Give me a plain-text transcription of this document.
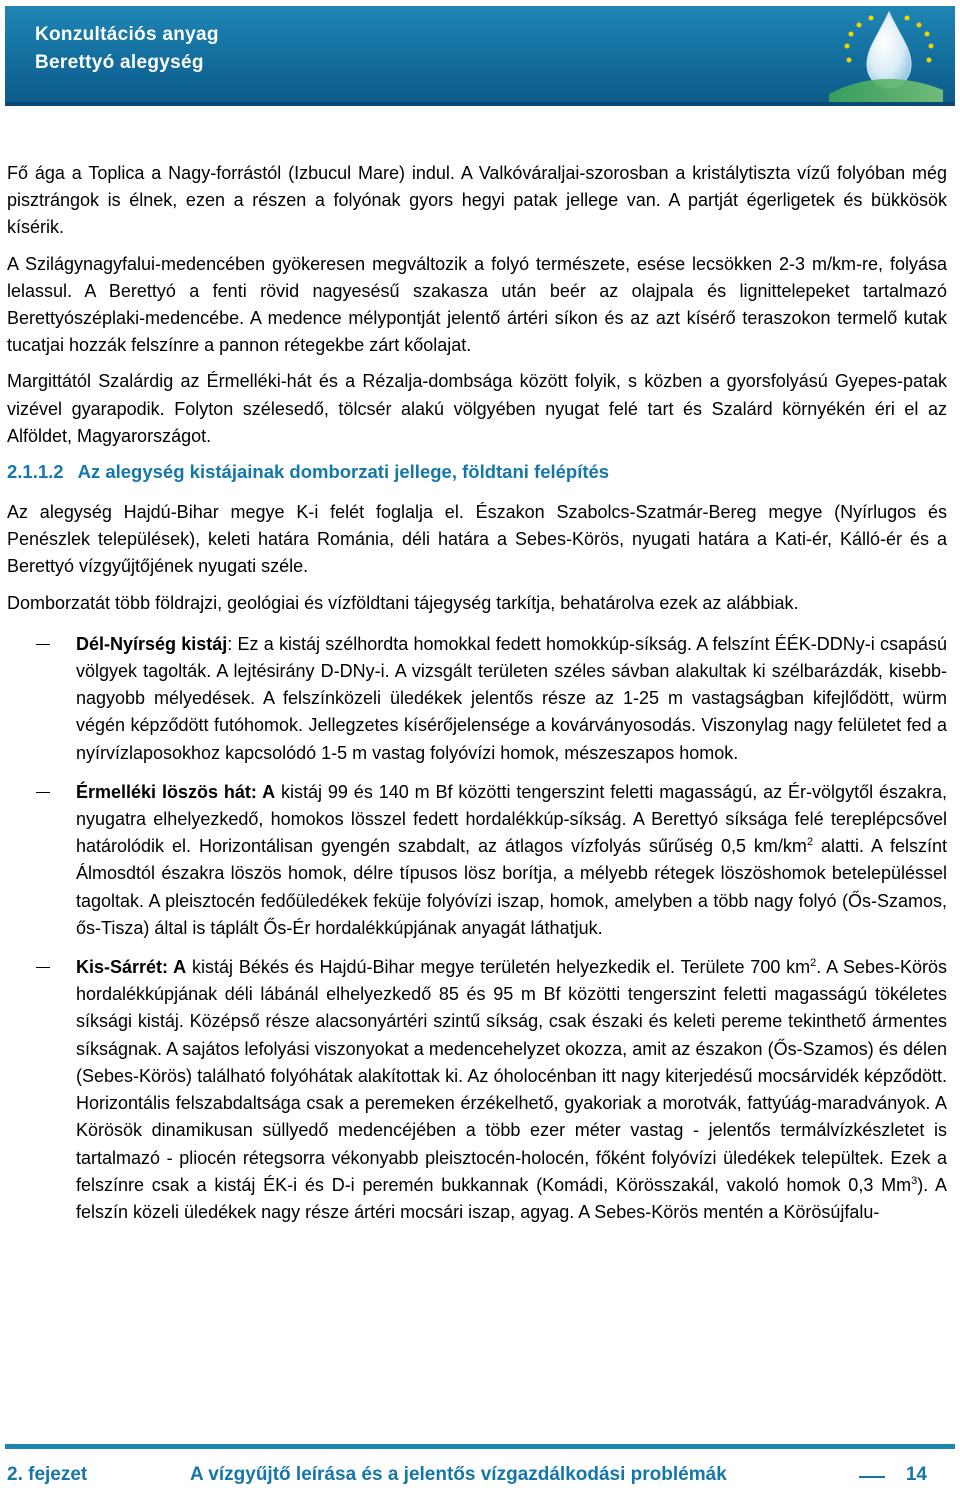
Konzultációs anyag
Berettyó alegység

Fő ága a Toplica a Nagy-forrástól (Izbucul Mare) indul. A Valkóváraljai-szorosban a kristálytiszta vízű folyóban még pisztrángok is élnek, ezen a részen a folyónak gyors hegyi patak jellege van. A partját égerligetek és bükkösök kísérik.

A Szilágynagyfalui-medencében gyökeresen megváltozik a folyó természete, esése lecsökken 2-3 m/km-re, folyása lelassul. A Berettyó a fenti rövid nagyesésű szakasza után beér az olajpala és lignittelepeket tartalmazó Berettyószéplaki-medencébe. A medence mélypontját jelentő ártéri síkon és az azt kísérő teraszokon termelő kutak tucatjai hozzák felszínre a pannon rétegekbe zárt kőolajat.

Margittától Szalárdig az Érmelléki-hát és a Rézalja-dombsága között folyik, s közben a gyorsfolyású Gyepes-patak vizével gyarapodik. Folyton szélesedő, tölcsér alakú völgyében nyugat felé tart és Szalárd környékén éri el az Alföldet, Magyarországot.

2.1.1.2 Az alegység kistájainak domborzati jellege, földtani felépítés

Az alegység Hajdú-Bihar megye K-i felét foglalja el. Északon Szabolcs-Szatmár-Bereg megye (Nyírlugos és Penészlek települések), keleti határa Románia, déli határa a Sebes-Körös, nyugati határa a Kati-ér, Kálló-ér és a Berettyó vízgyűjtőjének nyugati széle.

Domborzatát több földrajzi, geológiai és vízföldtani tájegység tarkítja, behatárolva ezek az alábbiak.

Dél-Nyírség kistáj: Ez a kistáj szélhordta homokkal fedett homokkúp-síkság. A felszínt ÉÉK-DDNy-i csapású völgyek tagolták. A lejtésirány D-DNy-i. A vizsgált területen széles sávban alakultak ki szélbarázdák, kisebb- nagyobb mélyedések. A felszínközeli üledékek jelentős része az 1-25 m vastagságban kifejlődött, würm végén képződött futóhomok. Jellegzetes kísérőjelensége a kovárványosodás. Viszonylag nagy felületet fed a nyírvízlaposokhoz kapcsolódó 1-5 m vastag folyóvízi homok, mészeszapos homok.

Érmelléki löszös hát: A kistáj 99 és 140 m Bf közötti tengerszint feletti magasságú, az Ér-völgytől északra, nyugatra elhelyezkedő, homokos lösszel fedett hordalékkúp-síkság. A Berettyó síksága felé tereplépcsővel határolódik el. Horizontálisan gyengén szabdalt, az átlagos vízfolyás sűrűség 0,5 $km/km^2$ alatti. A felszínt Álmosdtól északra löszös homok, délre típusos lösz borítja, a mélyebb rétegek löszöshomok betelepüléssel tagoltak. A pleisztocén fedőüledékek feküje folyóvízi iszap, homok, amelyben a több nagy folyó (Ős-Szamos, ős-Tisza) által is táplált Ős-Ér hordalékkúpjának anyagát láthatjuk.

Kis-Sárrét: A kistáj Békés és Hajdú-Bihar megye területén helyezkedik el. Területe 700 $km^2$. A Sebes-Körös hordalékkúpjának déli lábánál elhelyezkedő 85 és 95 m Bf közötti tengerszint feletti magasságú tökéletes síksági kistáj. Középső része alacsonyártéri szintű síkság, csak északi és keleti pereme tekinthető ármentes síkságnak. A sajátos lefolyási viszonyokat a medencehelyzet okozza, amit az északon (Ős-Szamos) és délen (Sebes-Körös) található folyóhátak alakítottak ki. Az óholocénban itt nagy kiterjedésű mocsárvidék képződött. Horizontális felszabdaltsága csak a peremeken érzékelhető, gyakoriak a morotvák, fattyúág-maradványok. A Körösök dinamikusan süllyedő medencéjében a több ezer méter vastag - jelentős termálvízkészletet is tartalmazó - pliocén rétegsorra vékonyabb pleisztocén-holocén, főként folyóvízi üledékek települtek. Ezek a felszínre csak a kistáj ÉK-i és D-i peremén bukkannak (Komádi, Körösszakál, vakoló homok 0,3 Mm$^3$). A felszín közeli üledékek nagy része ártéri mocsári iszap, agyag. A Sebes-Körös mentén a Körösújfalu-

2. fejezet	A vízgyűjtő leírása és a jelentős vízgazdálkodási problémák	14
